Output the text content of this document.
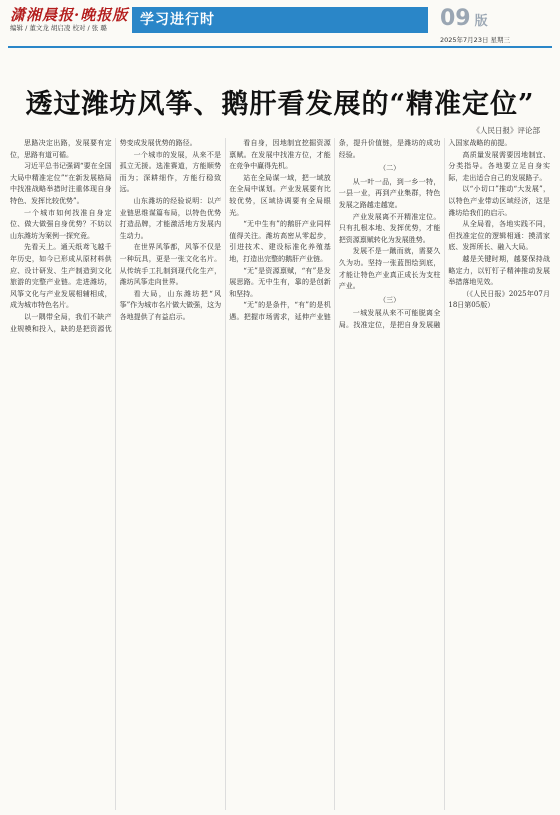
潇湘晨报·晚报版
编辑 / 董文龙 胡启凌 校对 / 张 璐 学习进行时	09 版
2025年7月23日 星期三
透过潍坊风筝、鹅肝看发展的“精准定位”
《人民日报》评论部

思路决定出路，发展要有定位，思路有道可循。

习近平总书记强调“要在全国大局中精准定位”“在新发展格局中找准战略举措时注重体现自身特色、发挥比较优势”。

一个城市如何找准自身定位、做大做强自身优势？不妨以山东潍坊为案例一探究竟。

先看天上。通天纸鸢飞越千年历史，如今已形成从原材料供应、设计研发、生产制造到文化旅游的完整产业链。走进潍坊，风筝文化与产业发展相辅相成，成为城市特色名片。

以一隅带全局，我们不缺产业规模和投入，缺的是把资源优势变成发展优势的路径。

一个城市的发展，从来不是孤立无援。选准赛道，方能顺势而为；深耕细作，方能行稳致远。

山东潍坊的经验说明：以产业链思维谋篇布局，以特色优势打造品牌，才能激活地方发展内生动力。

在世界风筝都，风筝不仅是一种玩具，更是一张文化名片。从传统手工扎制到现代化生产，潍坊风筝走向世界。

看大局，山东潍坊把“风筝”作为城市名片做大做强，这为各地提供了有益启示。

看自身，因地制宜挖掘资源禀赋。在发展中找准方位，才能在竞争中赢得先机。

站在全局谋一域，把一域放在全局中谋划。产业发展要有比较优势，区域协调要有全局眼光。

“无中生有”的鹅肝产业同样值得关注。潍坊高密从零起步，引进技术、建设标准化养殖基地，打造出完整的鹅肝产业链。

“无”是资源禀赋，“有”是发展思路。无中生有，靠的是创新和坚持。

“无”的是条件，“有”的是机遇。把握市场需求，延伸产业链条，提升价值链，是潍坊的成功经验。

（二）

从一叶一品，到一乡一特，一县一业，再到产业集群，特色发展之路越走越宽。

产业发展离不开精准定位。只有扎根本地、发挥优势，才能把资源禀赋转化为发展胜势。

发展不是一蹴而就，需要久久为功。坚持一张蓝图绘到底，才能让特色产业真正成长为支柱产业。

（三）

一城发展从来不可能脱离全局。找准定位，是把自身发展融入国家战略的前提。

高质量发展需要因地制宜、分类指导。各地要立足自身实际，走出适合自己的发展路子。

以“小切口”推动“大发展”，以特色产业带动区域经济，这是潍坊给我们的启示。

从全局看，各地实践不同，但找准定位的逻辑相通：摸清家底、发挥所长、融入大局。

越是关键时期，越要保持战略定力，以钉钉子精神推动发展举措落地见效。

（《人民日报》2025年07月18日第05版）
